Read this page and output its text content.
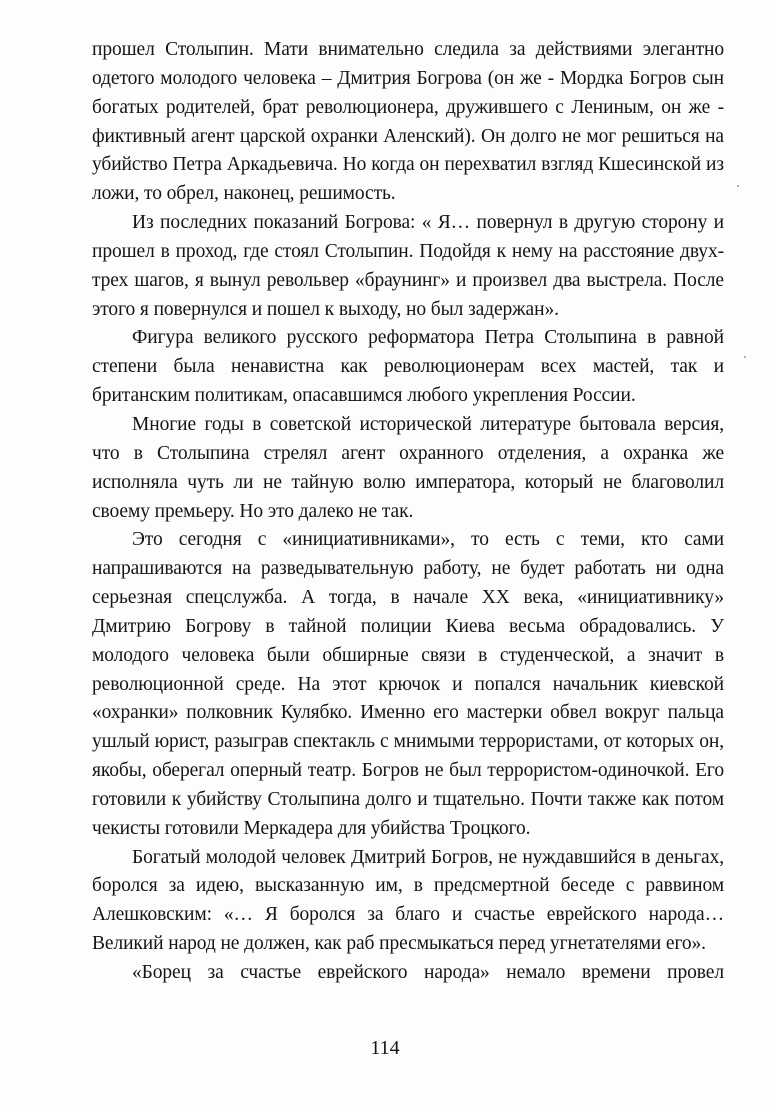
прошел Столыпин. Мати внимательно следила за действиями элегантно одетого молодого человека – Дмитрия Богрова (он же - Мордка Богров сын богатых родителей, брат революционера, дружившего с Лениным, он же - фиктивный агент царской охранки Аленский). Он долго не мог решиться на убийство Петра Аркадьевича. Но когда он перехватил взгляд Кшесинской из ложи, то обрел, наконец, решимость.

Из последних показаний Богрова: « Я… повернул в другую сторону и прошел в проход, где стоял Столыпин. Подойдя к нему на расстояние двух-трех шагов, я вынул револьвер «браунинг» и произвел два выстрела. После этого я повернулся и пошел к выходу, но был задержан».

Фигура великого русского реформатора Петра Столыпина в равной степени была ненавистна как революционерам всех мастей, так и британским политикам, опасавшимся любого укрепления России.

Многие годы в советской исторической литературе бытовала версия, что в Столыпина стрелял агент охранного отделения, а охранка же исполняла чуть ли не тайную волю императора, который не благоволил своему премьеру. Но это далеко не так.

Это сегодня с «инициативниками», то есть с теми, кто сами напрашиваются на разведывательную работу, не будет работать ни одна серьезная спецслужба. А тогда, в начале XX века, «инициативнику» Дмитрию Богрову в тайной полиции Киева весьма обрадовались. У молодого человека были обширные связи в студенческой, а значит в революционной среде. На этот крючок и попался начальник киевской «охранки» полковник Кулябко. Именно его мастерки обвел вокруг пальца ушлый юрист, разыграв спектакль с мнимыми террористами, от которых он, якобы, оберегал оперный театр. Богров не был террористом-одиночкой. Его готовили к убийству Столыпина долго и тщательно. Почти также как потом чекисты готовили Меркадера для убийства Троцкого.

Богатый молодой человек Дмитрий Богров, не нуждавшийся в деньгах, боролся за идею, высказанную им, в предсмертной беседе с раввином Алешковским: «… Я боролся за благо и счастье еврейского народа… Великий народ не должен, как раб пресмыкаться перед угнетателями его».

«Борец за счастье еврейского народа» немало времени провел

114
